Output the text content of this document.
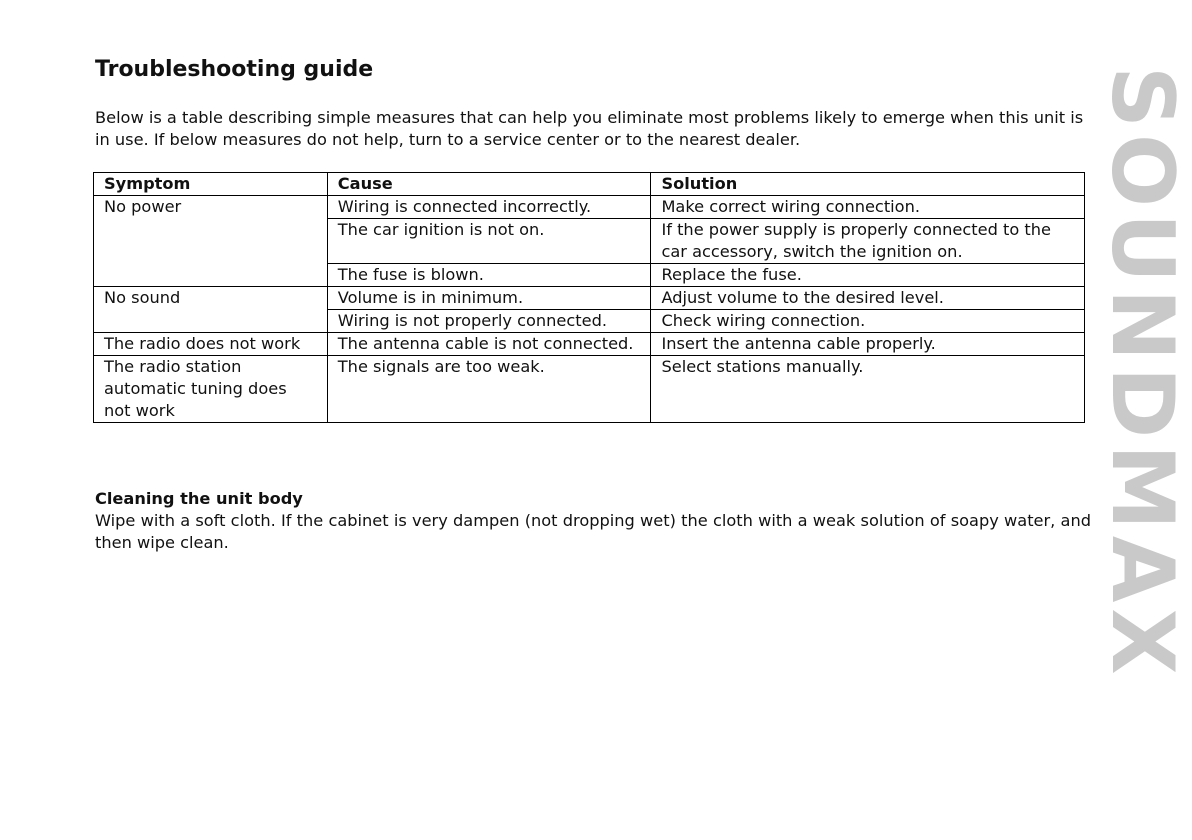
Troubleshooting guide

Below is a table describing simple measures that can help you eliminate most problems likely to emerge when this unit is in use. If below measures do not help, turn to a service center or to the nearest dealer.

Symptom	Cause	Solution
No power	Wiring is connected incorrectly.	Make correct wiring connection.
	The car ignition is not on.	If the power supply is properly connected to the car accessory, switch the ignition on.
	The fuse is blown.	Replace the fuse.
No sound	Volume is in minimum.	Adjust volume to the desired level.
	Wiring is not properly connected.	Check wiring connection.
The radio does not work	The antenna cable is not connected.	Insert the antenna cable properly.
The radio station automatic tuning does not work	The signals are too weak.	Select stations manually.
Cleaning the unit body

Wipe with a soft cloth. If the cabinet is very dampen (not dropping wet) the cloth with a weak solution of soapy water, and then wipe clean.	SOUNDMAX
